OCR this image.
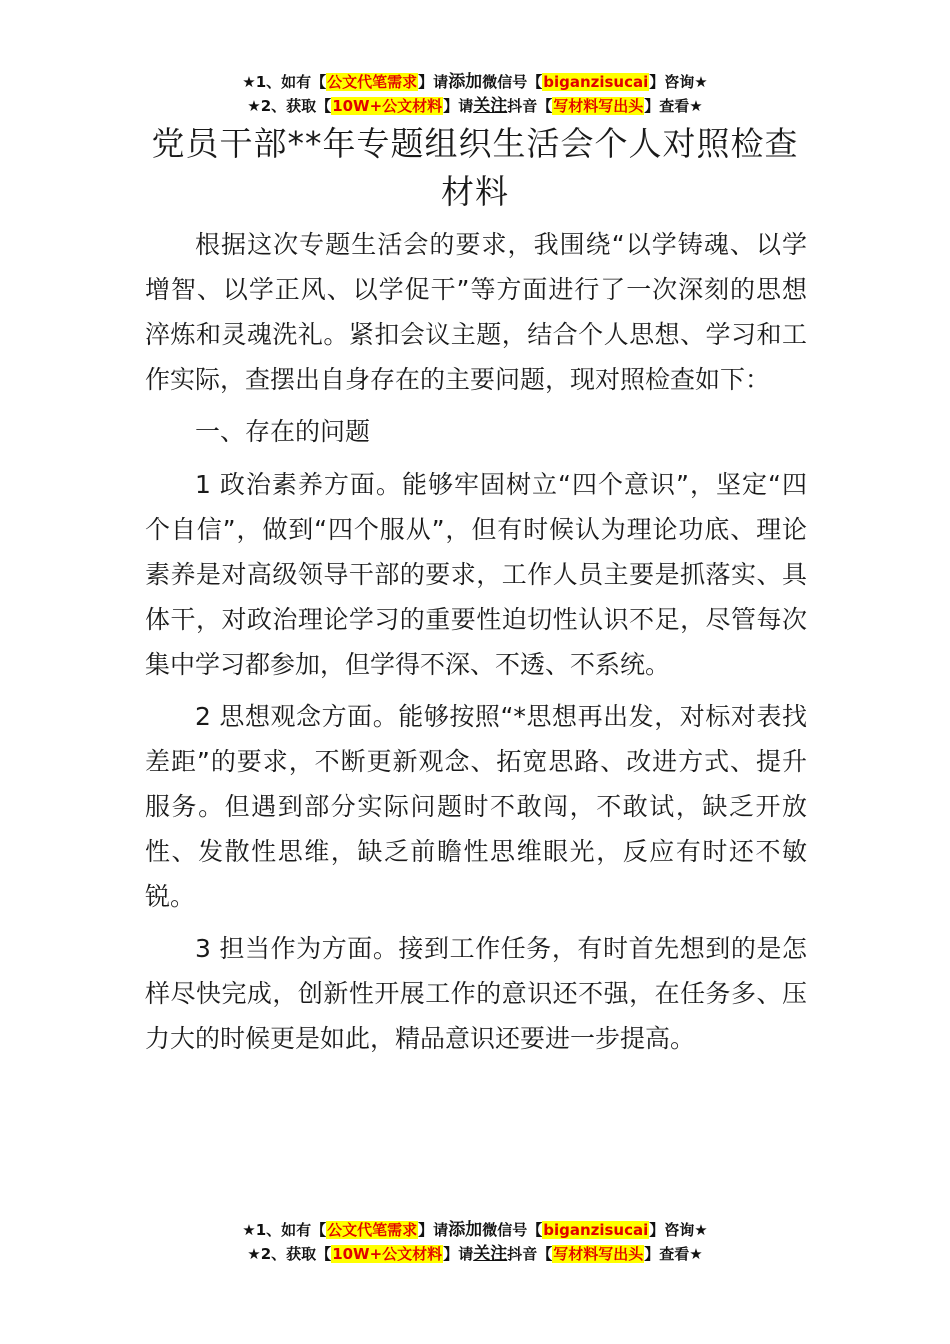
★1、如有【公文代笔需求】请添加微信号【biganzisucai】咨询★
★2、获取【10W+公文材料】请关注抖音【写材料写出头】查看★
党员干部**年专题组织生活会个人对照检查材料

根据这次专题生活会的要求，我围绕“以学铸魂、以学增智、以学正风、以学促干”等方面进行了一次深刻的思想淬炼和灵魂洗礼。紧扣会议主题，结合个人思想、学习和工作实际，查摆出自身存在的主要问题，现对照检查如下：

一、存在的问题

1 政治素养方面。能够牢固树立“四个意识”，坚定“四个自信”，做到“四个服从”，但有时候认为理论功底、理论素养是对高级领导干部的要求，工作人员主要是抓落实、具体干，对政治理论学习的重要性迫切性认识不足，尽管每次集中学习都参加，但学得不深、不透、不系统。

2 思想观念方面。能够按照“*思想再出发，对标对表找差距”的要求，不断更新观念、拓宽思路、改进方式、提升服务。但遇到部分实际问题时不敢闯，不敢试，缺乏开放性、发散性思维，缺乏前瞻性思维眼光，反应有时还不敏锐。

3 担当作为方面。接到工作任务，有时首先想到的是怎样尽快完成，创新性开展工作的意识还不强，在任务多、压力大的时候更是如此，精品意识还要进一步提高。

★1、如有【公文代笔需求】请添加微信号【biganzisucai】咨询★
★2、获取【10W+公文材料】请关注抖音【写材料写出头】查看★
